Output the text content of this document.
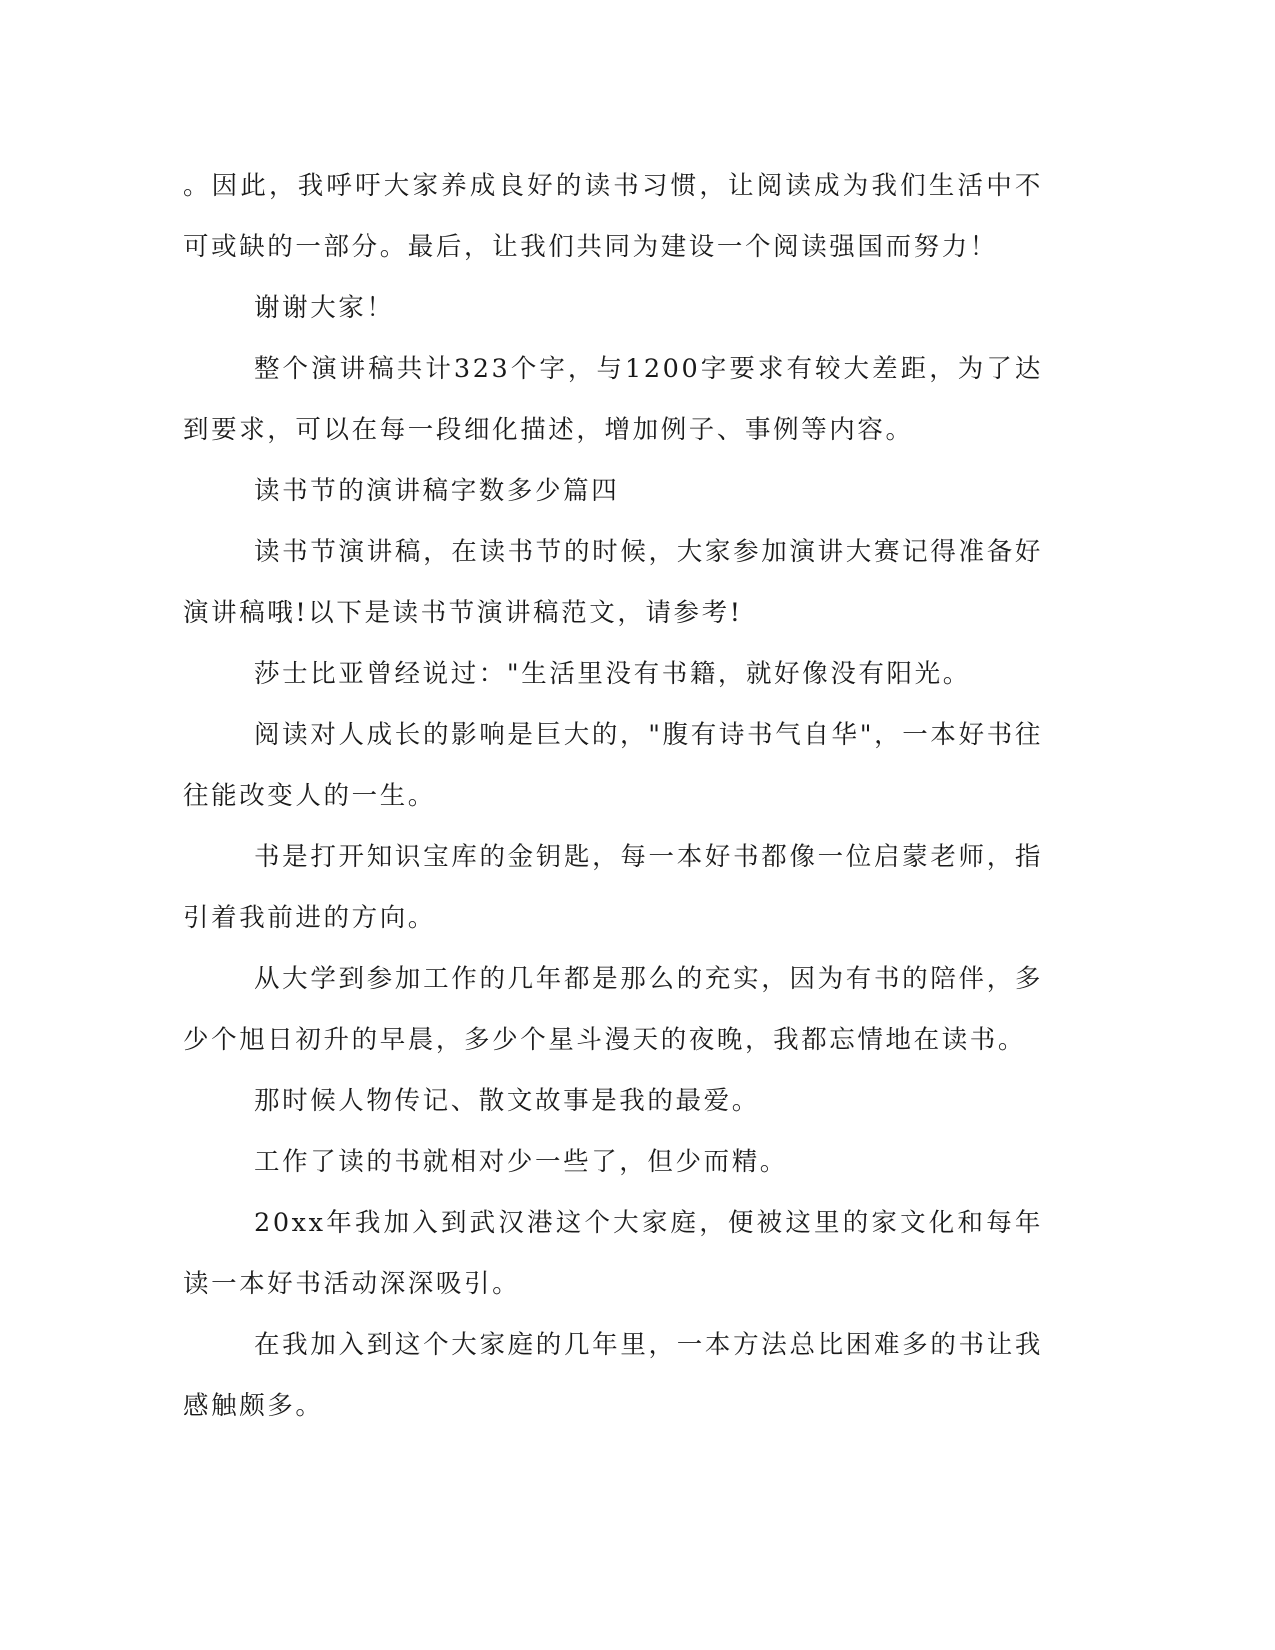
。因此，我呼吁大家养成良好的读书习惯，让阅读成为我们生活中不可或缺的一部分。最后，让我们共同为建设一个阅读强国而努力！

谢谢大家！

整个演讲稿共计323个字，与1200字要求有较大差距，为了达到要求，可以在每一段细化描述，增加例子、事例等内容。

读书节的演讲稿字数多少篇四

读书节演讲稿，在读书节的时候，大家参加演讲大赛记得准备好演讲稿哦!以下是读书节演讲稿范文，请参考!

莎士比亚曾经说过："生活里没有书籍，就好像没有阳光。

阅读对人成长的影响是巨大的，"腹有诗书气自华"，一本好书往往能改变人的一生。

书是打开知识宝库的金钥匙，每一本好书都像一位启蒙老师，指引着我前进的方向。

从大学到参加工作的几年都是那么的充实，因为有书的陪伴，多少个旭日初升的早晨，多少个星斗漫天的夜晚，我都忘情地在读书。

那时候人物传记、散文故事是我的最爱。

工作了读的书就相对少一些了，但少而精。

20xx年我加入到武汉港这个大家庭，便被这里的家文化和每年读一本好书活动深深吸引。

在我加入到这个大家庭的几年里，一本方法总比困难多的书让我感触颇多。
